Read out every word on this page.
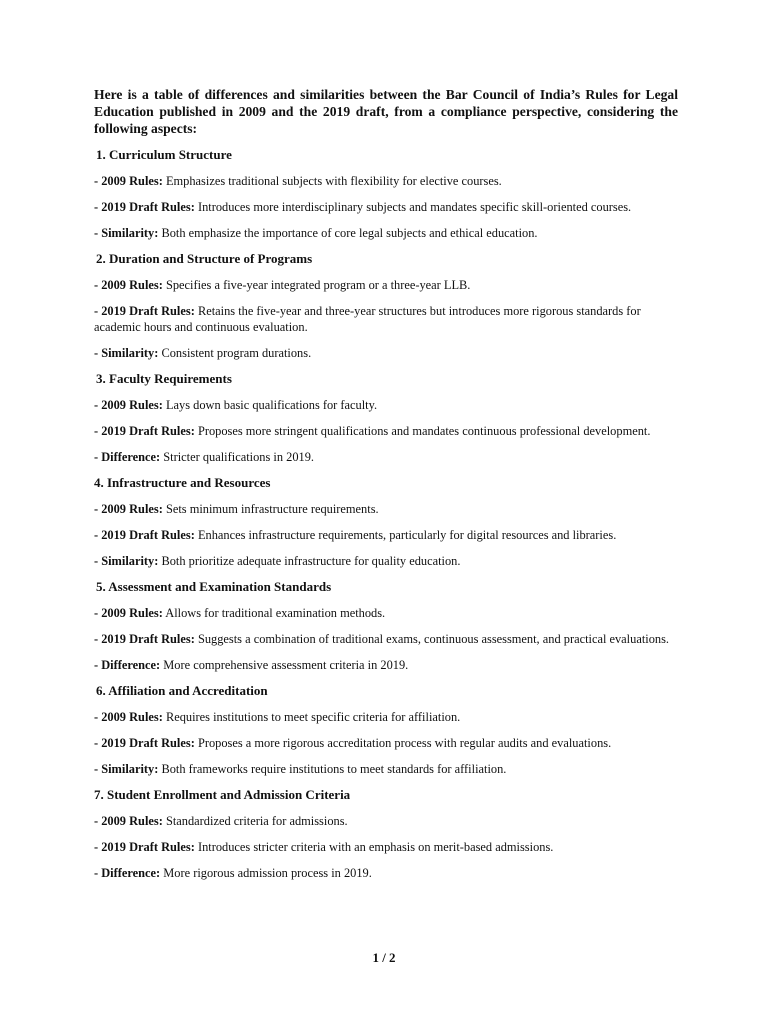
Here is a table of differences and similarities between the Bar Council of India’s Rules for Legal Education published in 2009 and the 2019 draft, from a compliance perspective, considering the following aspects:

1. Curriculum Structure
- 2009 Rules: Emphasizes traditional subjects with flexibility for elective courses.
- 2019 Draft Rules: Introduces more interdisciplinary subjects and mandates specific skill-oriented courses.
- Similarity: Both emphasize the importance of core legal subjects and ethical education.
2. Duration and Structure of Programs
- 2009 Rules: Specifies a five-year integrated program or a three-year LLB.
- 2019 Draft Rules: Retains the five-year and three-year structures but introduces more rigorous standards for academic hours and continuous evaluation.
- Similarity: Consistent program durations.
3. Faculty Requirements
- 2009 Rules: Lays down basic qualifications for faculty.
- 2019 Draft Rules: Proposes more stringent qualifications and mandates continuous professional development.
- Difference: Stricter qualifications in 2019.
4. Infrastructure and Resources
- 2009 Rules: Sets minimum infrastructure requirements.
- 2019 Draft Rules: Enhances infrastructure requirements, particularly for digital resources and libraries.
- Similarity: Both prioritize adequate infrastructure for quality education.
5. Assessment and Examination Standards
- 2009 Rules: Allows for traditional examination methods.
- 2019 Draft Rules: Suggests a combination of traditional exams, continuous assessment, and practical evaluations.
- Difference: More comprehensive assessment criteria in 2019.
6. Affiliation and Accreditation
- 2009 Rules: Requires institutions to meet specific criteria for affiliation.
- 2019 Draft Rules: Proposes a more rigorous accreditation process with regular audits and evaluations.
- Similarity: Both frameworks require institutions to meet standards for affiliation.
7. Student Enrollment and Admission Criteria
- 2009 Rules: Standardized criteria for admissions.
- 2019 Draft Rules: Introduces stricter criteria with an emphasis on merit-based admissions.
- Difference: More rigorous admission process in 2019.
1 / 2
